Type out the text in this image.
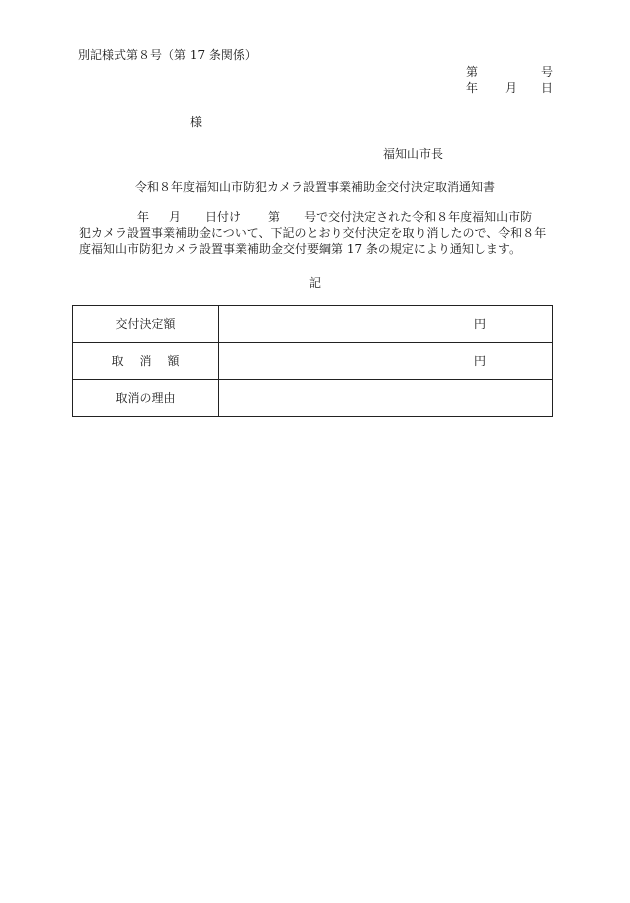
別記様式第８号（第 17 条関係）
第	号
年 月 日
様
福知山市長
令和８年度福知山市防犯カメラ設置事業補助金交付決定取消通知書
年 月 日付け 第 号で交付決定された令和８年度福知山市防
犯カメラ設置事業補助金について、下記のとおり交付決定を取り消したので、令和８年
度福知山市防犯カメラ設置事業補助金交付要綱第 17 条の規定により通知します。
記
交付決定額	円

取 消 額	円

取消の理由	
